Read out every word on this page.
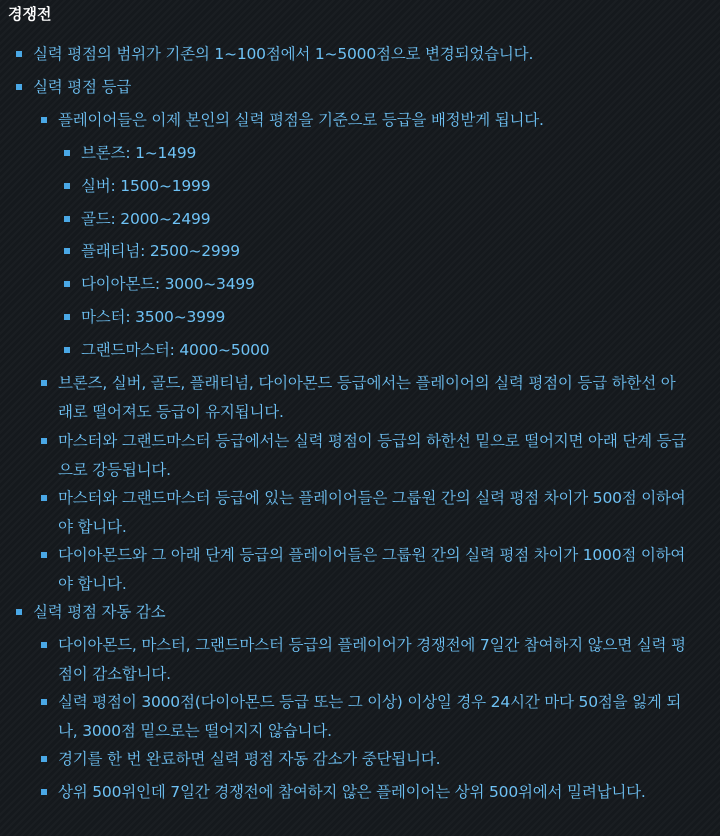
경쟁전
실력 평점의 범위가 기존의 1~100점에서 1~5000점으로 변경되었습니다.
실력 평점 등급
플레이어들은 이제 본인의 실력 평점을 기준으로 등급을 배정받게 됩니다.
브론즈: 1~1499
실버: 1500~1999
골드: 2000~2499
플래티넘: 2500~2999
다이아몬드: 3000~3499
마스터: 3500~3999
그랜드마스터: 4000~5000
브론즈, 실버, 골드, 플래티넘, 다이아몬드 등급에서는 플레이어의 실력 평점이 등급 하한선 아래로 떨어져도 등급이 유지됩니다.
마스터와 그랜드마스터 등급에서는 실력 평점이 등급의 하한선 밑으로 떨어지면 아래 단계 등급으로 강등됩니다.
마스터와 그랜드마스터 등급에 있는 플레이어들은 그룹원 간의 실력 평점 차이가 500점 이하여야 합니다.
다이아몬드와 그 아래 단계 등급의 플레이어들은 그룹원 간의 실력 평점 차이가 1000점 이하여야 합니다.
실력 평점 자동 감소
다이아몬드, 마스터, 그랜드마스터 등급의 플레이어가 경쟁전에 7일간 참여하지 않으면 실력 평점이 감소합니다.
실력 평점이 3000점(다이아몬드 등급 또는 그 이상) 이상일 경우 24시간 마다 50점을 잃게 되나, 3000점 밑으로는 떨어지지 않습니다.
경기를 한 번 완료하면 실력 평점 자동 감소가 중단됩니다.
상위 500위인데 7일간 경쟁전에 참여하지 않은 플레이어는 상위 500위에서 밀려납니다.
